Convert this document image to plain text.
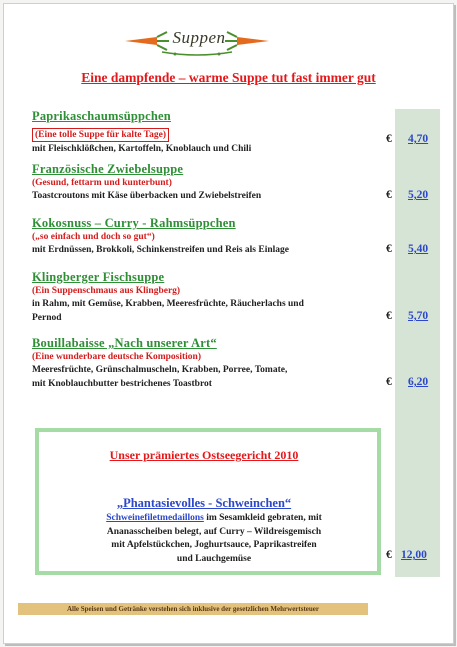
Suppen
Eine dampfende – warme Suppe tut fast immer gut
Paprikaschaumsüppchen
(Eine tolle Suppe für kalte Tage)
mit Fleischklößchen, Kartoffeln, Knoblauch und Chili
€ 4,70
Französische Zwiebelsuppe
(Gesund, fettarm und kunterbunt)
Toastcroutons mit Käse überbacken und Zwiebelstreifen	€ 5,20
Kokosnuss – Curry - Rahmsüppchen
(„so einfach und doch so gut“)
mit Erdnüssen, Brokkoli, Schinkenstreifen und Reis als Einlage	€ 5,40
Klingberger Fischsuppe
(Ein Suppenschmaus aus Klingberg)
in Rahm, mit Gemüse, Krabben, Meeresfrüchte, Räucherlachs und
Pernod	€ 5,70
Bouillabaisse „Nach unserer Art“
(Eine wunderbare deutsche Komposition)
Meeresfrüchte, Grünschalmuscheln, Krabben, Porree, Tomate,
mit Knoblauchbutter bestrichenes Toastbrot	€ 6,20
Unser prämiertes Ostseegericht 2010
„Phantasievolles - Schweinchen“
Schweinefiletmedaillons im Sesamkleid gebraten, mit
Ananasscheiben belegt, auf Curry – Wildreisgemisch
mit Apfelstückchen, Joghurtsauce, Paprikastreifen
und Lauchgemüse	€ 12,00
Alle Speisen und Getränke verstehen sich inklusive der gesetzlichen Mehrwertsteuer
